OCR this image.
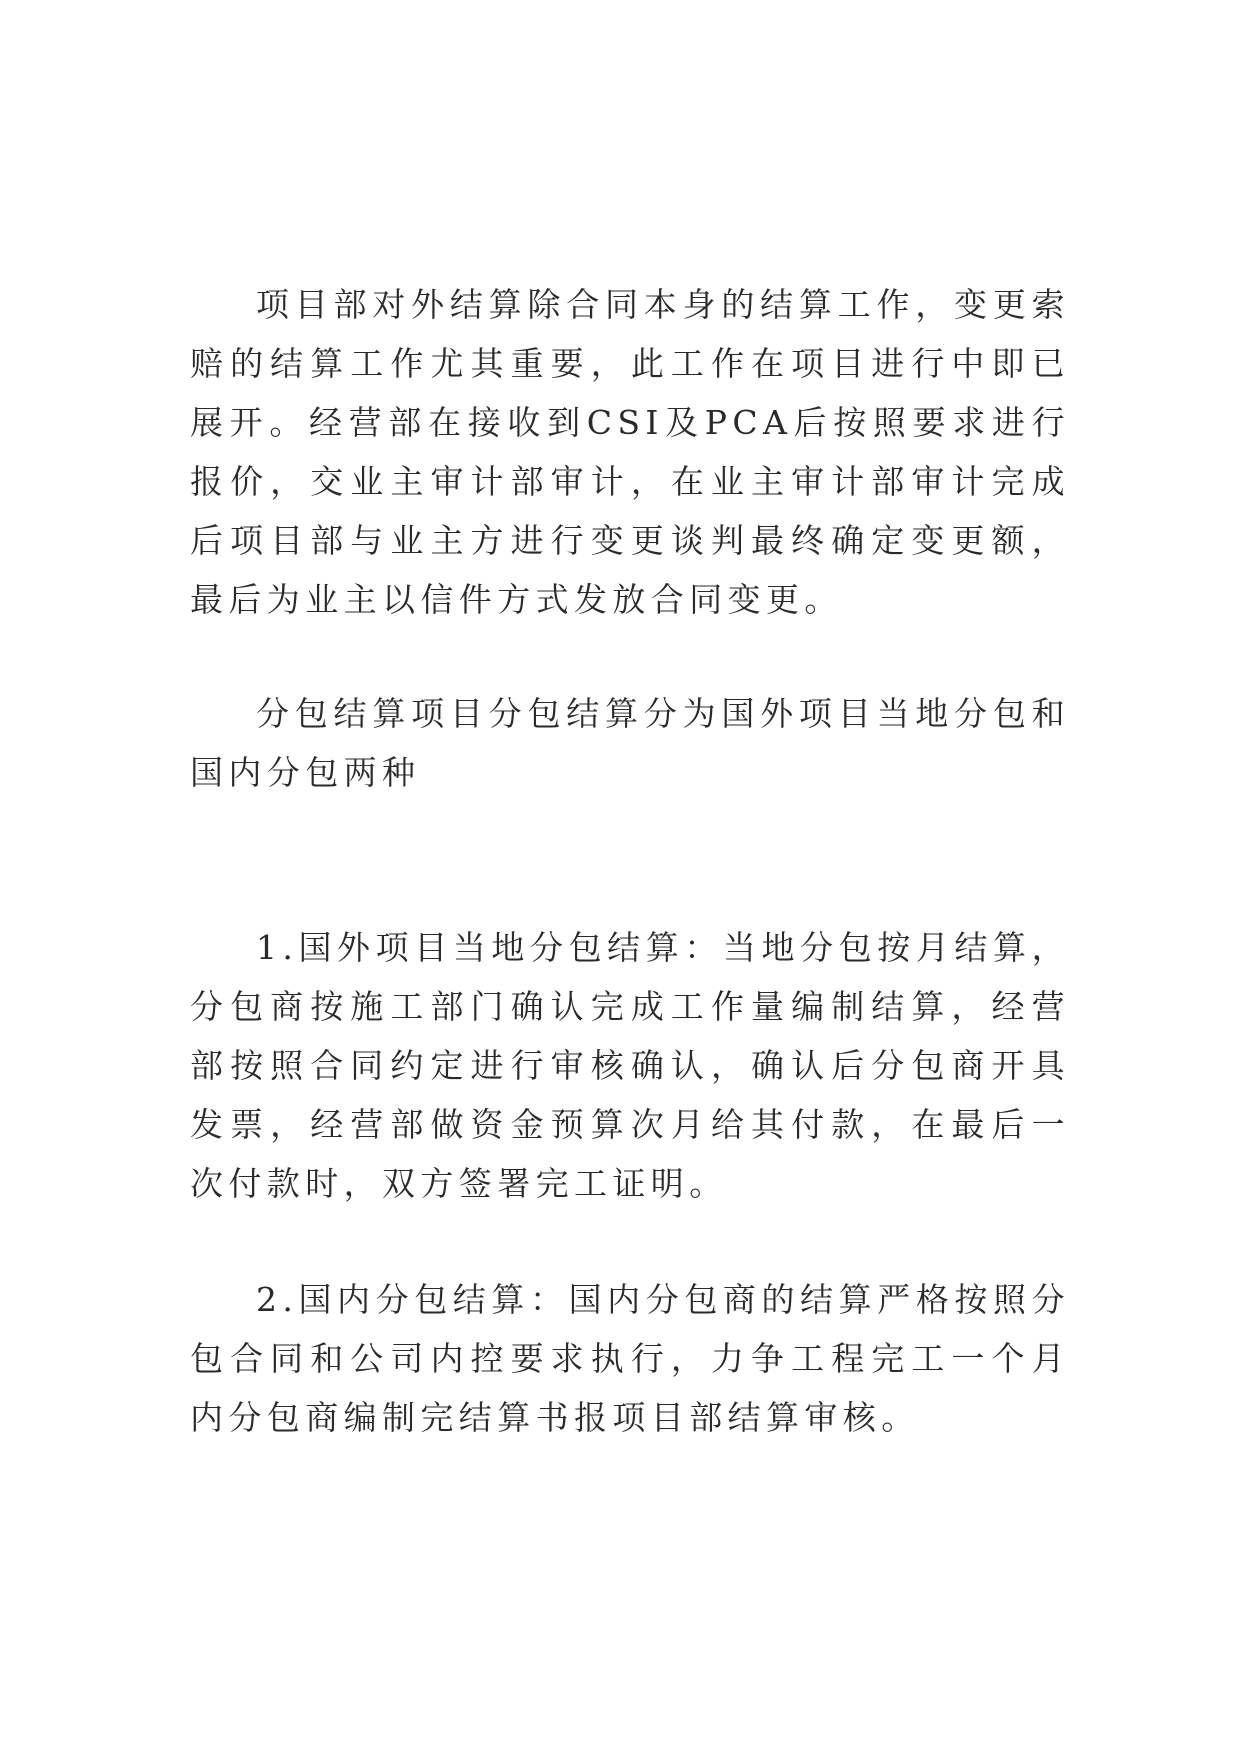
项目部对外结算除合同本身的结算工作，变更索赔的结算工作尤其重要，此工作在项目进行中即已展开。经营部在接收到CSI及PCA后按照要求进行报价，交业主审计部审计，在业主审计部审计完成后项目部与业主方进行变更谈判最终确定变更额，最后为业主以信件方式发放合同变更。

分包结算项目分包结算分为国外项目当地分包和国内分包两种

1.国外项目当地分包结算：当地分包按月结算，分包商按施工部门确认完成工作量编制结算，经营部按照合同约定进行审核确认，确认后分包商开具发票，经营部做资金预算次月给其付款，在最后一次付款时，双方签署完工证明。

2.国内分包结算：国内分包商的结算严格按照分包合同和公司内控要求执行，力争工程完工一个月内分包商编制完结算书报项目部结算审核。
